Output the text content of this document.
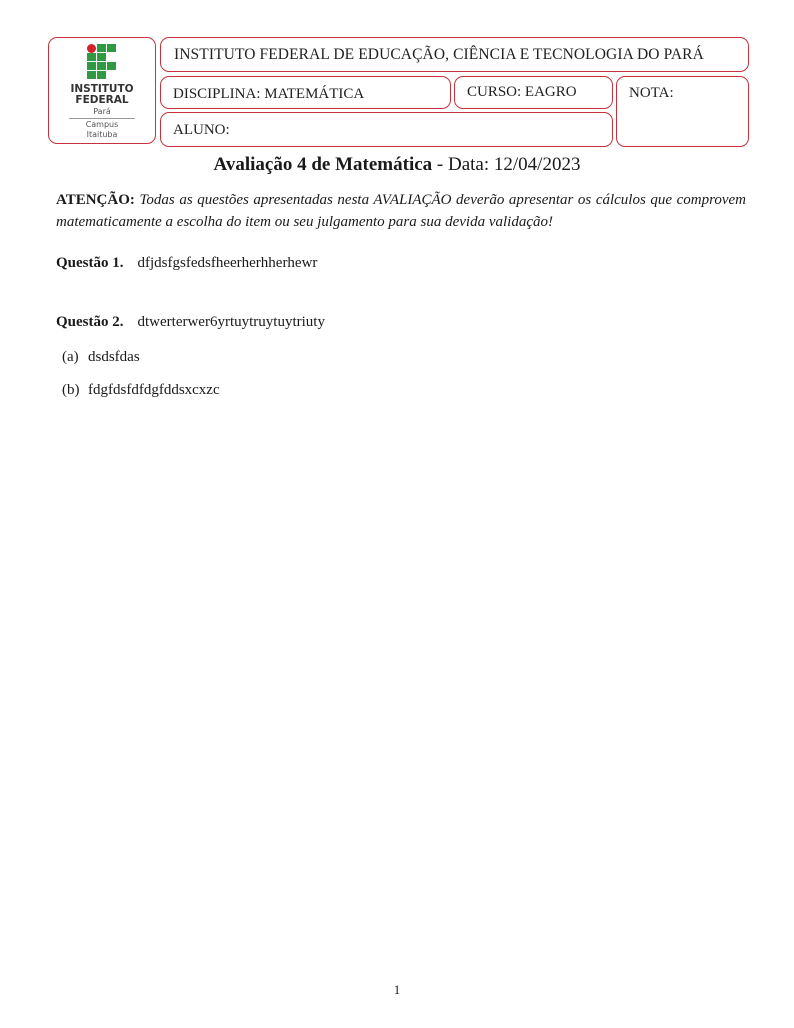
INSTITUTO
FEDERAL
Pará
Campus
Itaituba
INSTITUTO FEDERAL DE EDUCAÇÃO, CIÊNCIA E TECNOLOGIA DO PARÁ
DISCIPLINA: MATEMÁTICA	CURSO: EAGRO	NOTA:
ALUNO:
Avaliação 4 de Matemática - Data: 12/04/2023
ATENÇÃO: Todas as questões apresentadas nesta AVALIAÇÃO deverão apresentar os cálculos que comprovem matematicamente a escolha do item ou seu julgamento para sua devida validação!
Questão 1. dfjdsfgsfedsfheerherhherhewr
Questão 2. dtwerterwer6yrtuytruytuytriuty
(a) dsdsfdas
(b) fdgfdsfdfdgfddsxcxzc
1
